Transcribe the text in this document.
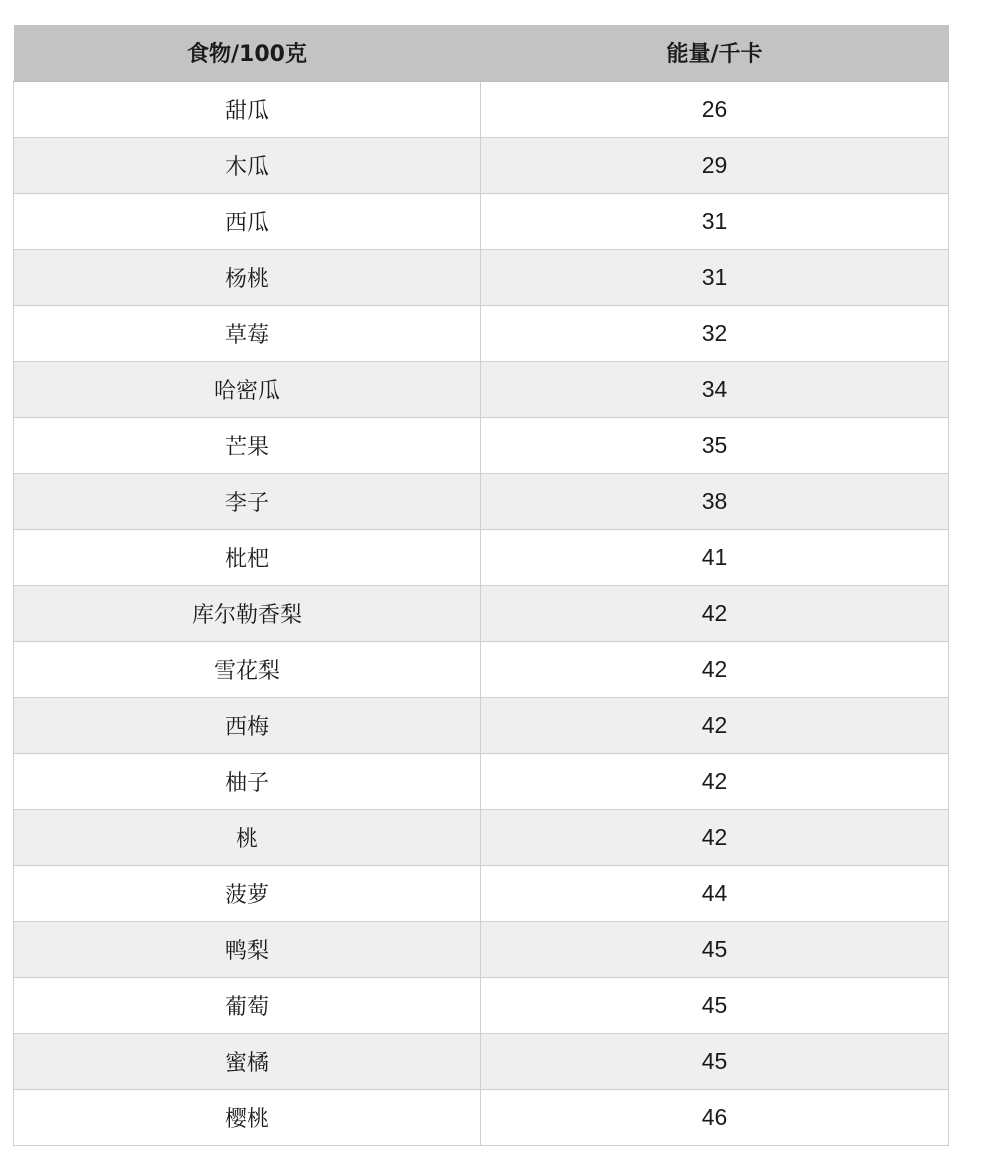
食物/100克	能量/千卡
甜瓜	26
木瓜	29
西瓜	31
杨桃	31
草莓	32
哈密瓜	34
芒果	35
李子	38
枇杷	41
库尔勒香梨	42
雪花梨	42
西梅	42
柚子	42
桃	42
菠萝	44
鸭梨	45
葡萄	45
蜜橘	45
樱桃	46
